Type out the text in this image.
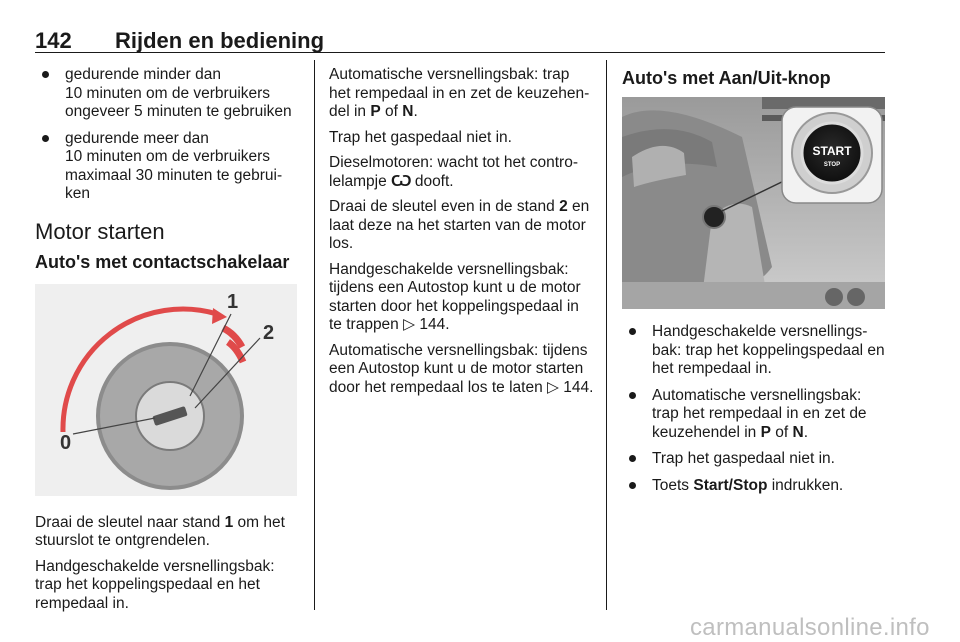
142 Rijden en bediening
gedurende minder dan
10 minuten om de verbruikers
ongeveer 5 minuten te gebruiken
gedurende meer dan
10 minuten om de verbruikers
maximaal 30 minuten te gebrui-
ken
Motor starten
Auto's met contactschakelaar
1
2
0

Draai de sleutel naar stand 1 om het stuurslot te ontgrendelen.

Handgeschakelde versnellingsbak: trap het koppelingspedaal en het rempedaal in.

Automatische versnellingsbak: trap het rempedaal in en zet de keuzehendel in P of N.

Trap het gaspedaal niet in.

Dieselmotoren: wacht tot het controlelampje Ѡ dooft.

Draai de sleutel even in de stand 2 en laat deze na het starten van de motor los.

Handgeschakelde versnellingsbak: tijdens een Autostop kunt u de motor starten door het koppelingspedaal in te trappen ▷ 144.

Automatische versnellingsbak: tijdens een Autostop kunt u de motor starten door het rempedaal los te laten ▷ 144.

Auto's met Aan/Uit-knop
START
STOP
Handgeschakelde versnellingsbak: trap het koppelingspedaal en het rempedaal in.
Automatische versnellingsbak: trap het rempedaal in en zet de keuzehendel in P of N.
Trap het gaspedaal niet in.
Toets Start/Stop indrukken.
carmanualsonline.info
